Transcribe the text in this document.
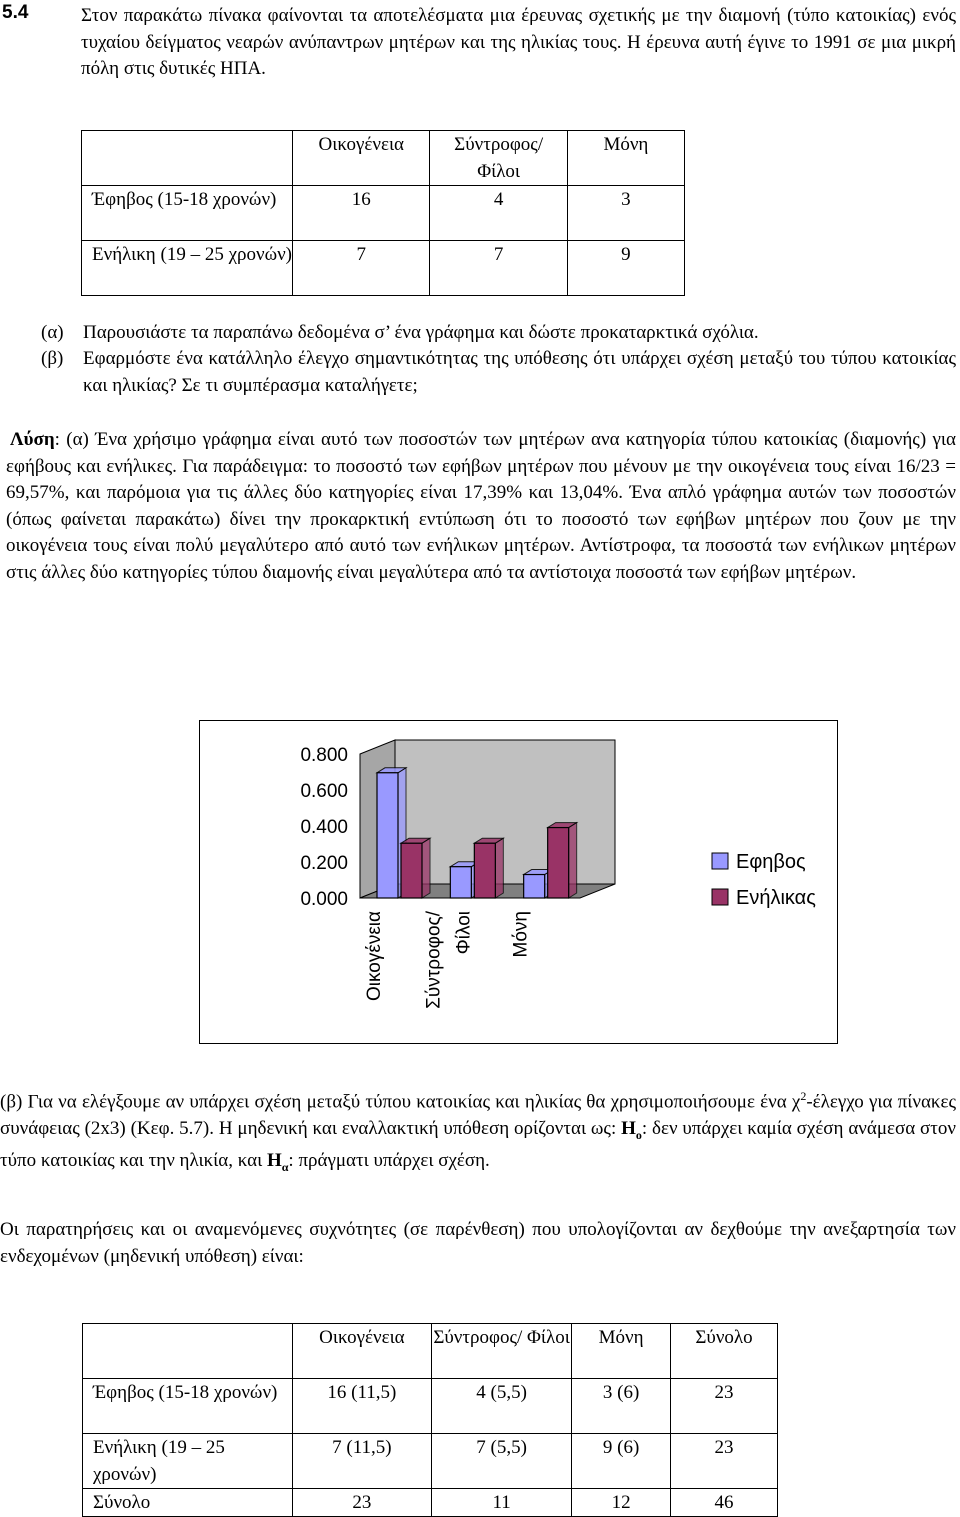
5.4	Στον παρακάτω πίνακα φαίνονται τα αποτελέσματα μια έρευνας σχετικής με την διαμονή (τύπο κατοικίας) ενός τυχαίου δείγματος νεαρών ανύπαντρων μητέρων και της ηλικίας τους. Η έρευνα αυτή έγινε το 1991 σε μια μικρή πόλη στις δυτικές ΗΠΑ.
	Οικογένεια	Σύντροφος/ Φίλοι	Μόνη
Έφηβος (15-18 χρονών)	16	4	3
Ενήλικη (19 – 25 χρονών)	7	7	9
(α) Παρουσιάστε τα παραπάνω δεδομένα σ’ ένα γράφημα και δώστε προκαταρκτικά σχόλια.
(β) Εφαρμόστε ένα κατάλληλο έλεγχο σημαντικότητας της υπόθεσης ότι υπάρχει σχέση μεταξύ του τύπου κατοικίας και ηλικίας? Σε τι συμπέρασμα καταλήγετε;
Λύση: (α) Ένα χρήσιμο γράφημα είναι αυτό των ποσοστών των μητέρων ανα κατηγορία τύπου κατοικίας (διαμονής) για εφήβους και ενήλικες. Για παράδειγμα: το ποσοστό των εφήβων μητέρων που μένουν με την οικογένεια τους είναι 16/23 = 69,57%, και παρόμοια για τις άλλες δύο κατηγορίες είναι 17,39% και 13,04%. Ένα απλό γράφημα αυτών των ποσοστών (όπως φαίνεται παρακάτω) δίνει την προκαρκτική εντύπωση ότι το ποσοστό των εφήβων μητέρων που ζουν με την οικογένεια τους είναι πολύ μεγαλύτερο από αυτό των ενήλικων μητέρων. Αντίστροφα, τα ποσοστά των ενήλικων μητέρων στις άλλες δύο κατηγορίες τύπου διαμονής είναι μεγαλύτερα από τα αντίστοιχα ποσοστά των εφήβων μητέρων.
0.800
0.600
0.400
0.200
0.000
Οικογένεια Σύντροφος/ Φίλοι Μόνη
Εφηβος
Ενήλικας
(β) Για να ελέγξουμε αν υπάρχει σχέση μεταξύ τύπου κατοικίας και ηλικίας θα χρησιμοποιήσουμε ένα $\chi^2$-έλεγχο για πίνακες συνάφειας (2x3) (Κεφ. 5.7). Η μηδενική και εναλλακτική υπόθεση ορίζονται ως: $H_o$: δεν υπάρχει καμία σχέση ανάμεσα στον τύπο κατοικίας και την ηλικία, και $H_\alpha$: πράγματι υπάρχει σχέση.
Οι παρατηρήσεις και οι αναμενόμενες συχνότητες (σε παρένθεση) που υπολογίζονται αν δεχθούμε την ανεξαρτησία των ενδεχομένων (μηδενική υπόθεση) είναι:
	Οικογένεια	Σύντροφος/ Φίλοι	Μόνη	Σύνολο
Έφηβος (15-18 χρονών)	16 (11,5)	4 (5,5)	3 (6)	23
Ενήλικη (19 – 25 χρονών)	7 (11,5)	7 (5,5)	9 (6)	23
Σύνολο	23	11	12	46
